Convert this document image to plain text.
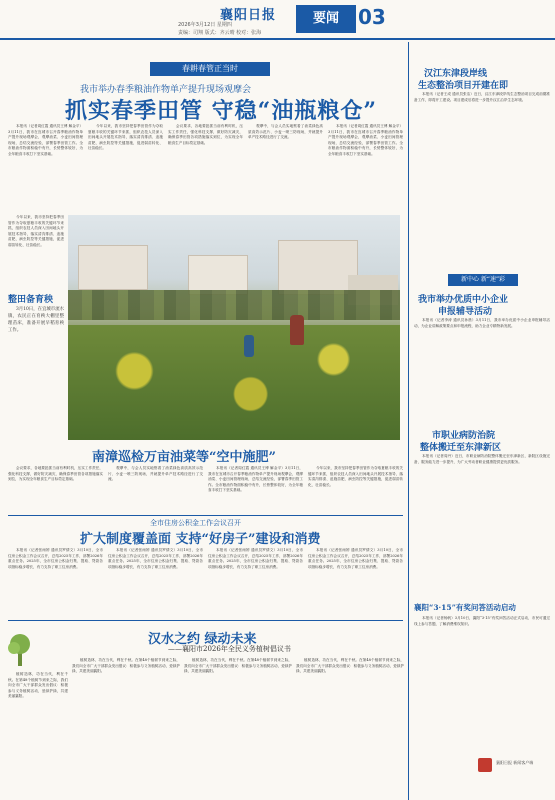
襄阳日报
2026年3月12日 星期四
责编：司翔 版式：齐云晴 校对：张海
要闻 03
春耕春管正当时
我市举办春季粮油作物单产提升现场观摩会
抓实春季田管 守稳“油瓶粮仓”

本报讯（记者周红霞 通讯员王博 解金平）3月11日，我市在宜城市召开春季粮油作物单产提升现场观摩会，观摩油菜、小麦田间管理现场，总结交流经验，部署春季田管工作。全市粮油作物面积稳中有升，长势整体较好，为全年粮食丰收打下坚实基础。

今年以来，我市坚持把春季田管作为夺取夏粮丰收的关键环节来抓，组织农技人员深入田间地头开展技术指导，落实清沟排渍、追施苗肥、病虫防控等关键措施，促进弱苗转化、壮苗稳长。

会议要求，各地要抢抓当前有利时机，压实工作责任，强化科技支撑，做好防灾减灾，确保春季田管各项措施落实到位，为实现全年粮食生产目标奠定基础。

观摩中，与会人员实地察看了油菜绿色高质高效示范片、小麦一喷三防现场，并就提升单产技术路径进行了交流。

本报讯（记者周红霞 通讯员王博 解金平）3月11日，我市在宜城市召开春季粮油作物单产提升现场观摩会，观摩油菜、小麦田间管理现场，总结交流经验，部署春季田管工作。全市粮油作物面积稳中有升，长势整体较好，为全年粮食丰收打下坚实基础。

今年以来，我市坚持把春季田管作为夺取夏粮丰收的关键环节来抓，组织农技人员深入田间地头开展技术指导，落实清沟排渍、追施苗肥、病虫防控等关键措施，促进弱苗转化、壮苗稳长。

整田备育秧

3月10日，在宜城市流水镇，农民正在育秧大棚里整理苗床，准备开展早稻育秧工作。

南漳巡检万亩油菜等“空中施肥”

会议要求，各地要抢抓当前有利时机，压实工作责任，强化科技支撑，做好防灾减灾，确保春季田管各项措施落实到位，为实现全年粮食生产目标奠定基础。

观摩中，与会人员实地察看了油菜绿色高质高效示范片、小麦一喷三防现场，并就提升单产技术路径进行了交流。

本报讯（记者周红霞 通讯员王博 解金平）3月11日，我市在宜城市召开春季粮油作物单产提升现场观摩会，观摩油菜、小麦田间管理现场，总结交流经验，部署春季田管工作。全市粮油作物面积稳中有升，长势整体较好，为全年粮食丰收打下坚实基础。

今年以来，我市坚持把春季田管作为夺取夏粮丰收的关键环节来抓，组织农技人员深入田间地头开展技术指导，落实清沟排渍、追施苗肥、病虫防控等关键措施，促进弱苗转化、壮苗稳长。

全市住房公积金工作会议召开
扩大制度覆盖面 支持“好房子”建设和消费

本报讯（记者张雨婷 通讯员罗倩文）3月10日，全市住房公积金工作会议召开，总结2025年工作，部署2026年重点任务。2025年，全市住房公积金归集、提取、贷款各项指标稳步增长，有力支持了职工住房消费。

本报讯（记者张雨婷 通讯员罗倩文）3月10日，全市住房公积金工作会议召开，总结2025年工作，部署2026年重点任务。2025年，全市住房公积金归集、提取、贷款各项指标稳步增长，有力支持了职工住房消费。

本报讯（记者张雨婷 通讯员罗倩文）3月10日，全市住房公积金工作会议召开，总结2025年工作，部署2026年重点任务。2025年，全市住房公积金归集、提取、贷款各项指标稳步增长，有力支持了职工住房消费。

本报讯（记者张雨婷 通讯员罗倩文）3月10日，全市住房公积金工作会议召开，总结2025年工作，部署2026年重点任务。2025年，全市住房公积金归集、提取、贷款各项指标稳步增长，有力支持了职工住房消费。

植树造林，功在当代，利在千秋。在第48个植树节到来之际，我们向全市广大干部群众发出倡议：积极参与义务植树活动，爱绿护绿，共建美丽襄阳。

汉水之约 绿动未来
——襄阳市2026年全民义务植树倡议书

植树造林，功在当代，利在千秋。在第48个植树节到来之际，我们向全市广大干部群众发出倡议：积极参与义务植树活动，爱绿护绿，共建美丽襄阳。

植树造林，功在当代，利在千秋。在第48个植树节到来之际，我们向全市广大干部群众发出倡议：积极参与义务植树活动，爱绿护绿，共建美丽襄阳。

植树造林，功在当代，利在千秋。在第48个植树节到来之际，我们向全市广大干部群众发出倡议：积极参与义务植树活动，爱绿护绿，共建美丽襄阳。

汉江东津段岸线
生态整治项目开建在即

本报讯（记者王成 通讯员张洁）近日，汉江东津段岸线生态整治项目完成前期准备工作，即将开工建设。项目建成后将进一步提升汉江沿岸生态环境。

新中心 新“速”彩
我市举办优质中小企业
申报辅导活动

本报讯（记者李涛 通讯员孙晨）3月11日，我市举办优质中小企业申报辅导活动，为企业讲解政策要点和申报流程，助力企业专精特新发展。

市职业病防治院
整体搬迁至东津新区

本报讯（记者周丹）近日，市职业病防治院整体搬迁至东津新区，新院区设施完备，服务能力进一步提升，为广大劳动者职业健康提供更优质服务。

襄阳“3·15”有奖问答活动启动

本报讯（记者杨帆）3月10日，襄阳“3·15”有奖问答活动正式启动，市民可通过线上参与答题，了解消费维权知识。

襄阳日报 新闻客户端
